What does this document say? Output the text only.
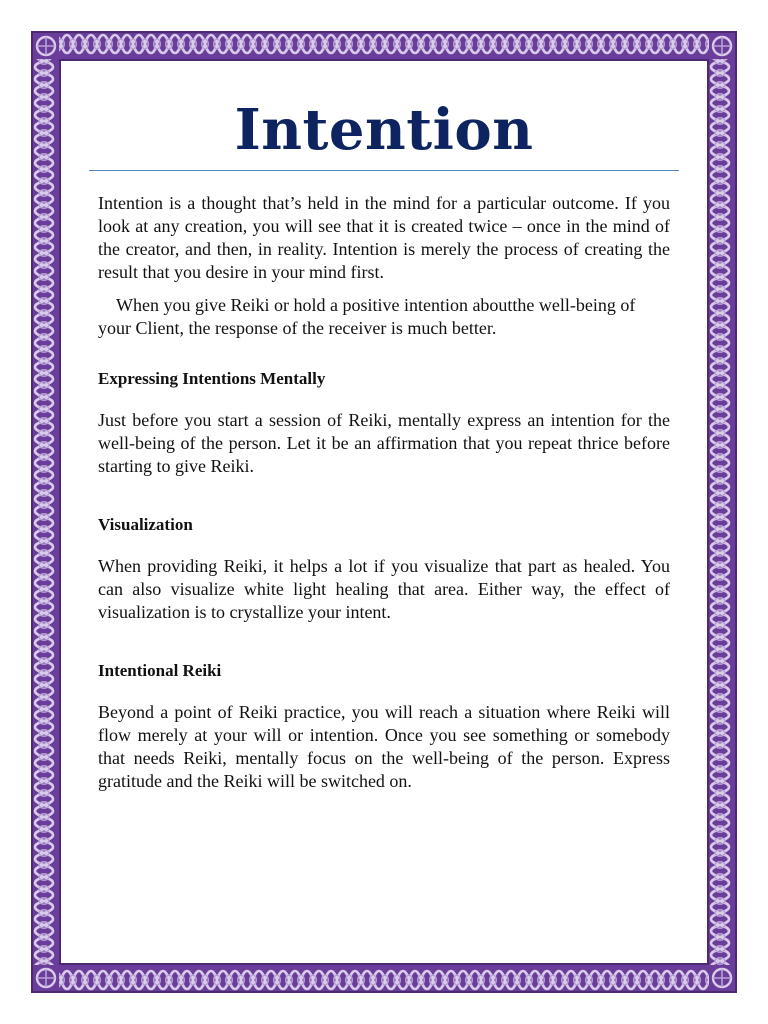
Intention

Intention is a thought that’s held in the mind for a particular outcome. If you look at any creation, you will see that it is created twice – once in the mind of the creator, and then, in reality. Intention is merely the process of creating the result that you desire in your mind first.

When you give Reiki or hold a positive intention aboutthe well-being of your Client, the response of the receiver is much better.

Expressing Intentions Mentally

Just before you start a session of Reiki, mentally express an intention for the well-being of the person. Let it be an affirmation that you repeat thrice before starting to give Reiki.

Visualization

When providing Reiki, it helps a lot if you visualize that part as healed. You can also visualize white light healing that area. Either way, the effect of visualization is to crystallize your intent.

Intentional Reiki

Beyond a point of Reiki practice, you will reach a situation where Reiki will flow merely at your will or intention. Once you see something or somebody that needs Reiki, mentally focus on the well-being of the person. Express gratitude and the Reiki will be switched on.
